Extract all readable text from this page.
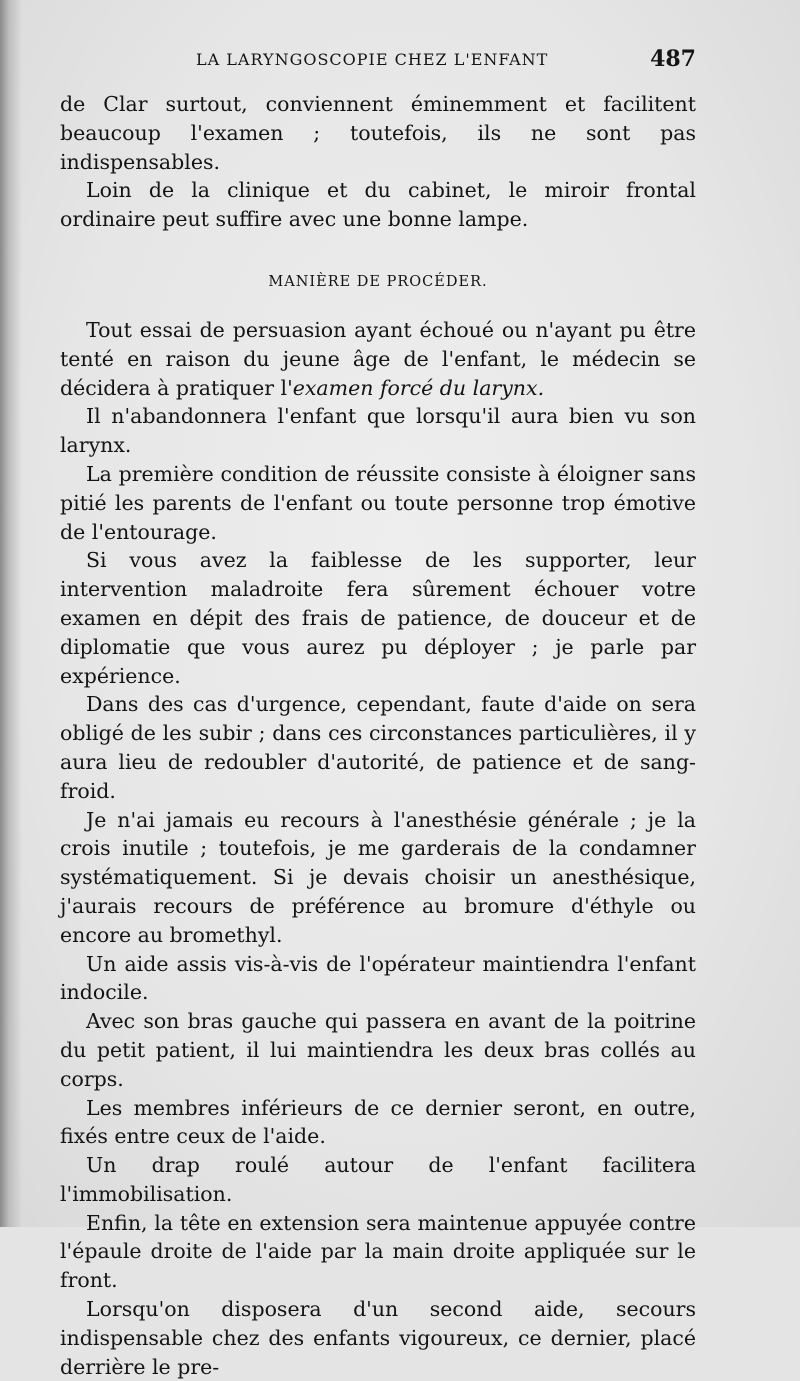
LA LARYNGOSCOPIE CHEZ L'ENFANT	487

de Clar surtout, conviennent éminemment et facilitent beaucoup l'examen ; toutefois, ils ne sont pas indispensables.

Loin de la clinique et du cabinet, le miroir frontal ordinaire peut suffire avec une bonne lampe.

MANIÈRE DE PROCÉDER.

Tout essai de persuasion ayant échoué ou n'ayant pu être tenté en raison du jeune âge de l'enfant, le médecin se décidera à pratiquer l'examen forcé du larynx.

Il n'abandonnera l'enfant que lorsqu'il aura bien vu son larynx.

La première condition de réussite consiste à éloigner sans pitié les parents de l'enfant ou toute personne trop émotive de l'entourage.

Si vous avez la faiblesse de les supporter, leur intervention maladroite fera sûrement échouer votre examen en dépit des frais de patience, de douceur et de diplomatie que vous aurez pu déployer ; je parle par expérience.

Dans des cas d'urgence, cependant, faute d'aide on sera obligé de les subir ; dans ces circonstances particulières, il y aura lieu de redoubler d'autorité, de patience et de sang-froid.

Je n'ai jamais eu recours à l'anesthésie générale ; je la crois inutile ; toutefois, je me garderais de la condamner systématiquement. Si je devais choisir un anesthésique, j'aurais recours de préférence au bromure d'éthyle ou encore au bromethyl.

Un aide assis vis-à-vis de l'opérateur maintiendra l'enfant indocile.

Avec son bras gauche qui passera en avant de la poitrine du petit patient, il lui maintiendra les deux bras collés au corps.

Les membres inférieurs de ce dernier seront, en outre, fixés entre ceux de l'aide.

Un drap roulé autour de l'enfant facilitera l'immobilisation.

Enfin, la tête en extension sera maintenue appuyée contre l'épaule droite de l'aide par la main droite appliquée sur le front.

Lorsqu'on disposera d'un second aide, secours indispensable chez des enfants vigoureux, ce dernier, placé derrière le pre-
